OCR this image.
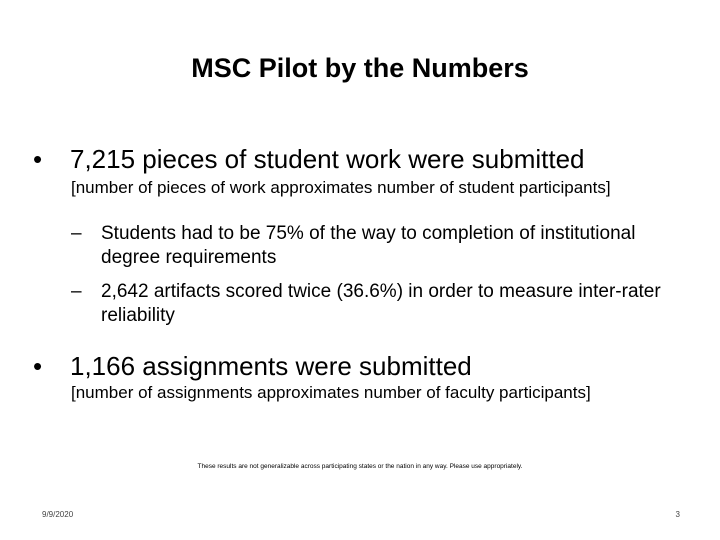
MSC Pilot by the Numbers
• 7,215 pieces of student work were submitted
[number of pieces of work approximates number of student participants]
– Students had to be 75% of the way to completion of institutional degree requirements
– 2,642 artifacts scored twice (36.6%) in order to measure inter-rater reliability
• 1,166 assignments were submitted
[number of assignments approximates number of faculty participants]
These results are not generalizable across participating states or the nation in any way. Please use appropriately.
9/9/2020	3
